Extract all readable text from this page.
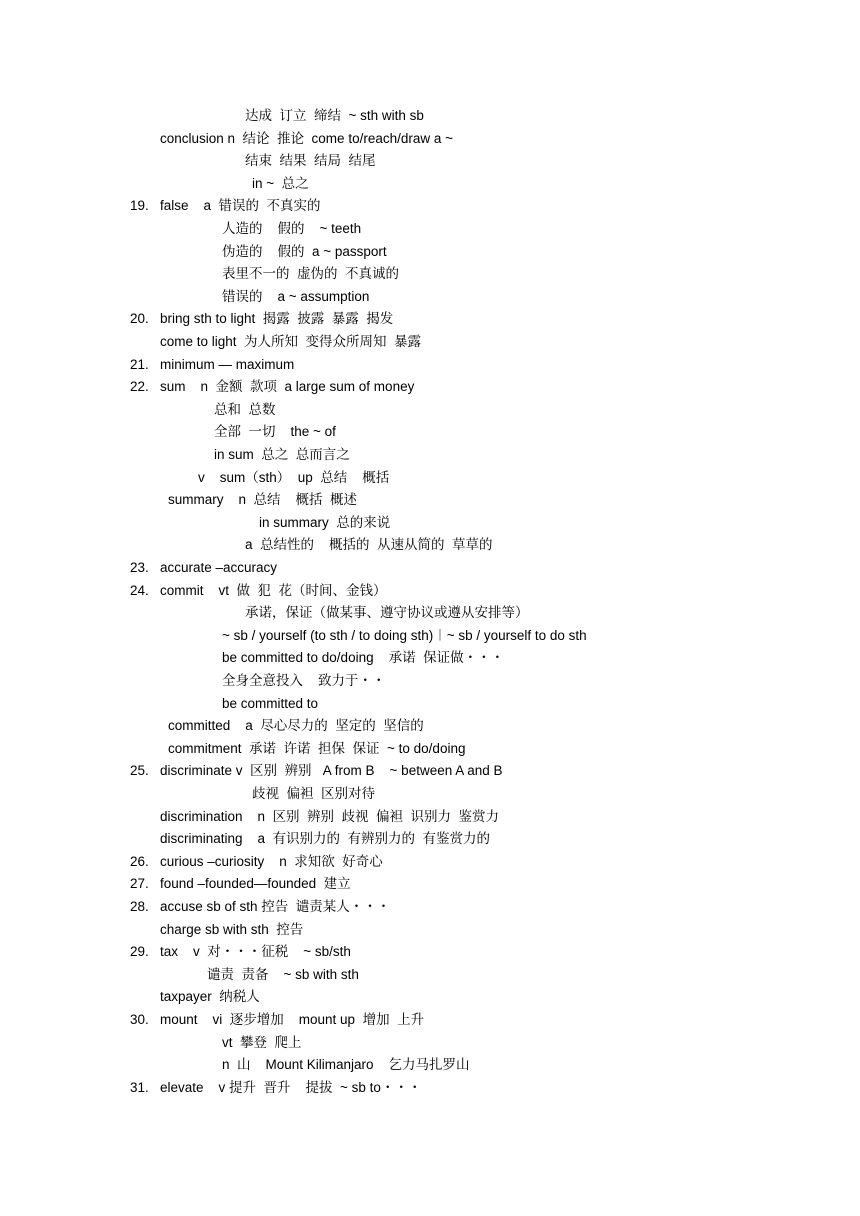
达成  订立  缔结  ~ sth with sb
conclusion n  结论  推论  come to/reach/draw a ~
结束  结果  结局  结尾
in ~  总之
19. false    a  错误的  不真实的
人造的    假的    ~ teeth
伪造的    假的  a ~ passport
表里不一的  虚伪的  不真诚的
错误的    a ~ assumption
20. bring sth to light  揭露  披露  暴露  揭发
come to light  为人所知  变得众所周知  暴露
21. minimum — maximum
22. sum    n  金额  款项  a large sum of money
总和  总数
全部  一切    the ~ of
in sum  总之  总而言之
v    sum（sth）  up  总结    概括
summary    n  总结    概括  概述
in summary  总的来说
a  总结性的    概括的  从速从简的  草草的
23. accurate –accuracy
24. commit    vt  做  犯  花（时间、金钱）
承诺，保证（做某事、遵守协议或遵从安排等）
~ sb / yourself (to sth / to doing sth)︱~ sb / yourself to do sth
be committed to do/doing    承诺  保证做・・・
全身全意投入    致力于・・
be committed to
committed    a  尽心尽力的  坚定的  坚信的
commitment  承诺  许诺  担保  保证  ~ to do/doing
25. discriminate v  区别  辨别   A from B    ~ between A and B
歧视  偏袒  区别对待
discrimination    n  区别  辨别  歧视  偏袒  识别力  鉴赏力
discriminating    a  有识别力的  有辨别力的  有鉴赏力的
26. curious –curiosity    n  求知欲  好奇心
27. found –founded—founded  建立
28. accuse sb of sth 控告  谴责某人・・・
charge sb with sth  控告
29. tax    v  对・・・征税    ~ sb/sth
谴责  责备    ~ sb with sth
taxpayer  纳税人
30. mount    vi  逐步增加    mount up  增加  上升
vt  攀登  爬上
n  山    Mount Kilimanjaro    乞力马扎罗山
31. elevate    v 提升  晋升    提拔  ~ sb to・・・
